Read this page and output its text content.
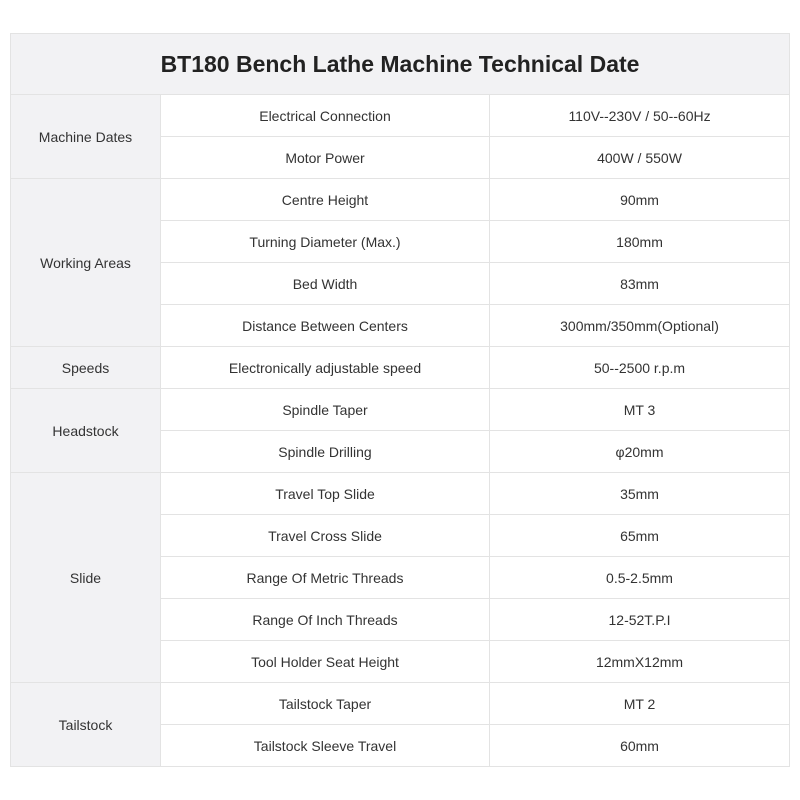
BT180 Bench Lathe Machine Technical Date		
Machine Dates	Electrical Connection	110V--230V / 50--60Hz
	Motor Power	400W / 550W
Working Areas	Centre Height	90mm
	Turning Diameter (Max.)	180mm
	Bed Width	83mm
	Distance Between Centers	300mm/350mm(Optional)
Speeds	Electronically adjustable speed	50--2500 r.p.m
Headstock	Spindle Taper	MT 3
	Spindle Drilling	φ20mm
Slide	Travel Top Slide	35mm
	Travel Cross Slide	65mm
	Range Of Metric Threads	0.5-2.5mm
	Range Of Inch Threads	12-52T.P.I
	Tool Holder Seat Height	12mmX12mm
Tailstock	Tailstock Taper	MT 2
	Tailstock Sleeve Travel	60mm
